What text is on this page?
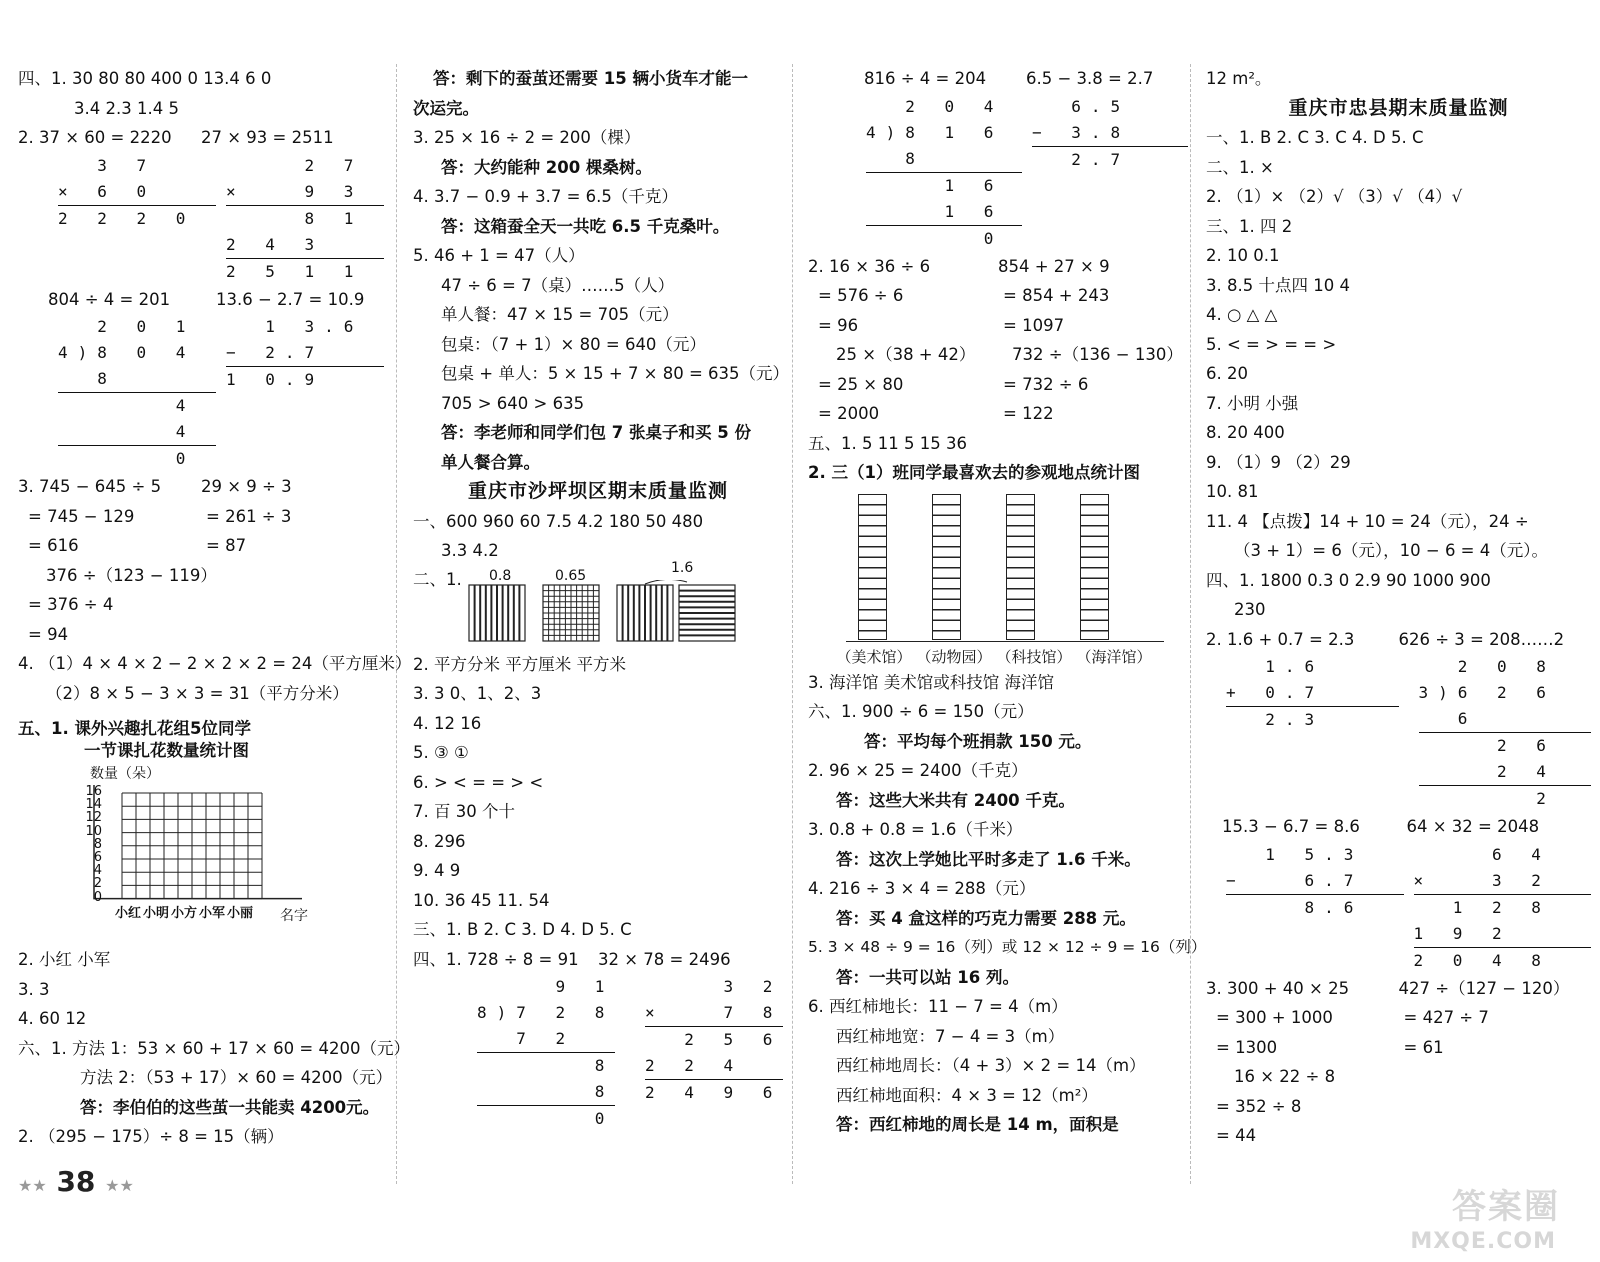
四、1. 30 80 80 400 0 13.4 6 0
3.4 2.3 1.4 5
2. 37 × 60 = 2220	27 × 93 = 2511
3 7
× 6 0
2 2 2 0
2 7
×   9 3
8 1
2 4 3
2 5 1 1
804 ÷ 4 = 201	13.6 − 2.7 = 10.9
2 0 1
4)8 0 4
8
4
4
0
1 3.6
− 2.7
1 0.9
3. 745 − 645 ÷ 5	29 × 9 ÷ 3
= 745 − 129	= 261 ÷ 3
= 616	= 87
376 ÷（123 − 119）
= 376 ÷ 4
= 94
4. （1）4 × 4 × 2 − 2 × 2 × 2 = 24（平方厘米）
（2）8 × 5 − 3 × 3 = 31（平方分米）
五、1. 课外兴趣扎花组5位同学
一节课扎花数量统计图
数量（朵）
16
14
12
10
8
6
4
2
0
小红 小明 小方 小军 小丽 名字
2. 小红 小军
3. 3
4. 60 12
六、1. 方法 1：53 × 60 + 17 × 60 = 4200（元）
方法 2：（53 + 17）× 60 = 4200（元）
答：李伯伯的这些茧一共能卖 4200元。
2. （295 − 175）÷ 8 = 15（辆）
答：剩下的蚕茧还需要 15 辆小货车才能一
次运完。
3. 25 × 16 ÷ 2 = 200（棵）
答：大约能种 200 棵桑树。
4. 3.7 − 0.9 + 3.7 = 6.5（千克）
答：这箱蚕全天一共吃 6.5 千克桑叶。
5. 46 + 1 = 47（人）
47 ÷ 6 = 7（桌）……5（人）
单人餐：47 × 15 = 705（元）
包桌：（7 + 1）× 80 = 640（元）
包桌 + 单人：5 × 15 + 7 × 80 = 635（元）
705 > 640 > 635
答：李老师和同学们包 7 张桌子和买 5 份
单人餐合算。
重庆市沙坪坝区期末质量监测
一、600 960 60 7.5 4.2 180 50 480
3.3 4.2
二、1. 0.8	0.65	1.6
2. 平方分米 平方厘米 平方米
3. 3 0、1、2、3
4. 12 16
5. ③ ①
6. > < = = > <
7. 百 30 个十
8. 296
9. 4 9
10. 36 45 11. 54
三、1. B 2. C 3. D 4. D 5. C
四、1. 728 ÷ 8 = 91	32 × 78 = 2496
9 1
8)7 2 8
7 2
8
8
0
3 2
×   7 8
2 5 6
2 2 4
2 4 9 6
816 ÷ 4 = 204	6.5 − 3.8 = 2.7
2 0 4
4)8 1 6
8
1 6
1 6
0
6.5
− 3.8
2.7
2. 16 × 36 ÷ 6	854 + 27 × 9
= 576 ÷ 6	= 854 + 243
= 96	= 1097
25 ×（38 + 42）	732 ÷（136 − 130）
= 25 × 80	= 732 ÷ 6
= 2000	= 122
五、1. 5 11 5 15 36
2. 三（1）班同学最喜欢去的参观地点统计图
（美术馆） （动物园） （科技馆） （海洋馆）
3. 海洋馆 美术馆或科技馆 海洋馆
六、1. 900 ÷ 6 = 150（元）
答：平均每个班捐款 150 元。
2. 96 × 25 = 2400（千克）
答：这些大米共有 2400 千克。
3. 0.8 + 0.8 = 1.6（千米）
答：这次上学她比平时多走了 1.6 千米。
4. 216 ÷ 3 × 4 = 288（元）
答：买 4 盒这样的巧克力需要 288 元。
5. 3 × 48 ÷ 9 = 16（列）或 12 × 12 ÷ 9 = 16（列）
答：一共可以站 16 列。
6. 西红柿地长：11 − 7 = 4（m）
西红柿地宽：7 − 4 = 3（m）
西红柿地周长：（4 + 3）× 2 = 14（m）
西红柿地面积：4 × 3 = 12（m²）
答：西红柿地的周长是 14 m，面积是
12 m²。
重庆市忠县期末质量监测
一、1. B 2. C 3. C 4. D 5. C
二、1. ×
2. （1）× （2）√ （3）√ （4）√
三、1. 四 2
2. 10 0.1
3. 8.5 十点四 10 4
4. ○ △ △
5. < = > = = >
6. 20
7. 小明 小强
8. 20 400
9. （1）9 （2）29
10. 81
11. 4 【点拨】14 + 10 = 24（元），24 ÷
（3 + 1）= 6（元），10 − 6 = 4（元）。
四、1. 1800 0.3 0 2.9 90 1000 900
230
2. 1.6 + 0.7 = 2.3	626 ÷ 3 = 208……2
1.6
+ 0.7
2.3
2 0 8
3)6 2 6
6
2 6
2 4
2
15.3 − 6.7 = 8.6	64 × 32 = 2048
1 5.3
−   6.7
8.6
6 4
×   3 2
1 2 8
1 9 2
2 0 4 8
3. 300 + 40 × 25	427 ÷（127 − 120）
= 300 + 1000	= 427 ÷ 7
= 1300	= 61
16 × 22 ÷ 8
= 352 ÷ 8
= 44
★★ 38 ★★
答案圈
MXQE.COM
